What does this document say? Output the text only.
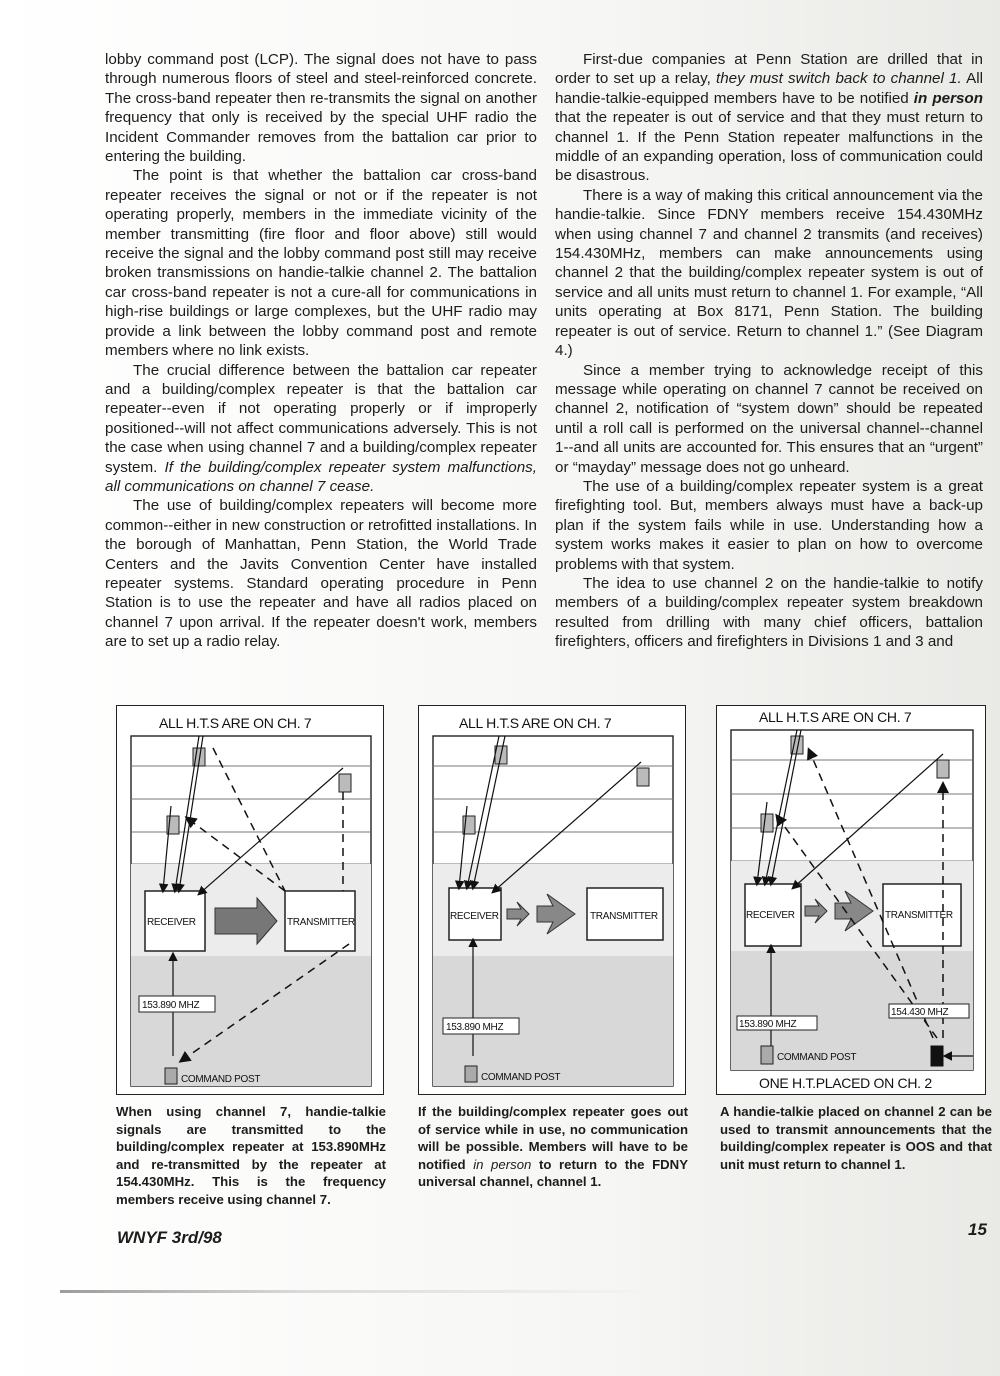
lobby command post (LCP). The signal does not have to pass through numerous floors of steel and steel-reinforced concrete. The cross-band repeater then re-transmits the signal on another frequency that only is received by the special UHF radio the Incident Commander removes from the battalion car prior to entering the building.

The point is that whether the battalion car cross-band repeater receives the signal or not or if the repeater is not operating properly, members in the immediate vicinity of the member transmitting (fire floor and floor above) still would receive the signal and the lobby command post still may receive broken transmissions on handie-talkie channel 2. The battalion car cross-band repeater is not a cure-all for communications in high-rise buildings or large complexes, but the UHF radio may provide a link between the lobby command post and remote members where no link exists.

The crucial difference between the battalion car repeater and a building/complex repeater is that the battalion car repeater--even if not operating properly or if improperly positioned--will not affect communications adversely. This is not the case when using channel 7 and a building/complex repeater system. If the building/complex repeater system malfunctions, all communications on channel 7 cease.

The use of building/complex repeaters will become more common--either in new construction or retrofitted installations. In the borough of Manhattan, Penn Station, the World Trade Centers and the Javits Convention Center have installed repeater systems. Standard operating procedure in Penn Station is to use the repeater and have all radios placed on channel 7 upon arrival. If the repeater doesn't work, members are to set up a radio relay.

First-due companies at Penn Station are drilled that in order to set up a relay, they must switch back to channel 1. All handie-talkie-equipped members have to be notified in person that the repeater is out of service and that they must return to channel 1. If the Penn Station repeater malfunctions in the middle of an expanding operation, loss of communication could be disastrous.

There is a way of making this critical announcement via the handie-talkie. Since FDNY members receive 154.430MHz when using channel 7 and channel 2 transmits (and receives) 154.430MHz, members can make announcements using channel 2 that the building/complex repeater system is out of service and all units must return to channel 1. For example, “All units operating at Box 8171, Penn Station. The building repeater is out of service. Return to channel 1.” (See Diagram 4.)

Since a member trying to acknowledge receipt of this message while operating on channel 7 cannot be received on channel 2, notification of “system down” should be repeated until a roll call is performed on the universal channel--channel 1--and all units are accounted for. This ensures that an “urgent” or “mayday” message does not go unheard.

The use of a building/complex repeater system is a great firefighting tool. But, members always must have a back-up plan if the system fails while in use. Understanding how a system works makes it easier to plan on how to overcome problems with that system.

The idea to use channel 2 on the handie-talkie to notify members of a building/complex repeater system breakdown resulted from drilling with many chief officers, battalion firefighters, officers and firefighters in Divisions 1 and 3 and

ALL H.T.S ARE ON CH. 7
RECEIVER	TRANSMITTER
153.890 MHZ
COMMAND POST
ALL H.T.S ARE ON CH. 7
RECEIVER	TRANSMITTER
153.890 MHZ
COMMAND POST
ALL H.T.S ARE ON CH. 7
RECEIVER	TRANSMITTER
153.890 MHZ
154.430 MHZ
COMMAND POST
ONE H.T.PLACED ON CH. 2
When using channel 7, handie-talkie signals are transmitted to the building/complex repeater at 153.890MHz and re-transmitted by the repeater at 154.430MHz. This is the frequency members receive using channel 7.
If the building/complex repeater goes out of service while in use, no communication will be possible. Members will have to be notified in person to return to the FDNY universal channel, channel 1.
A handie-talkie placed on channel 2 can be used to transmit announcements that the building/complex repeater is OOS and that unit must return to channel 1.
WNYF 3rd/98	15
